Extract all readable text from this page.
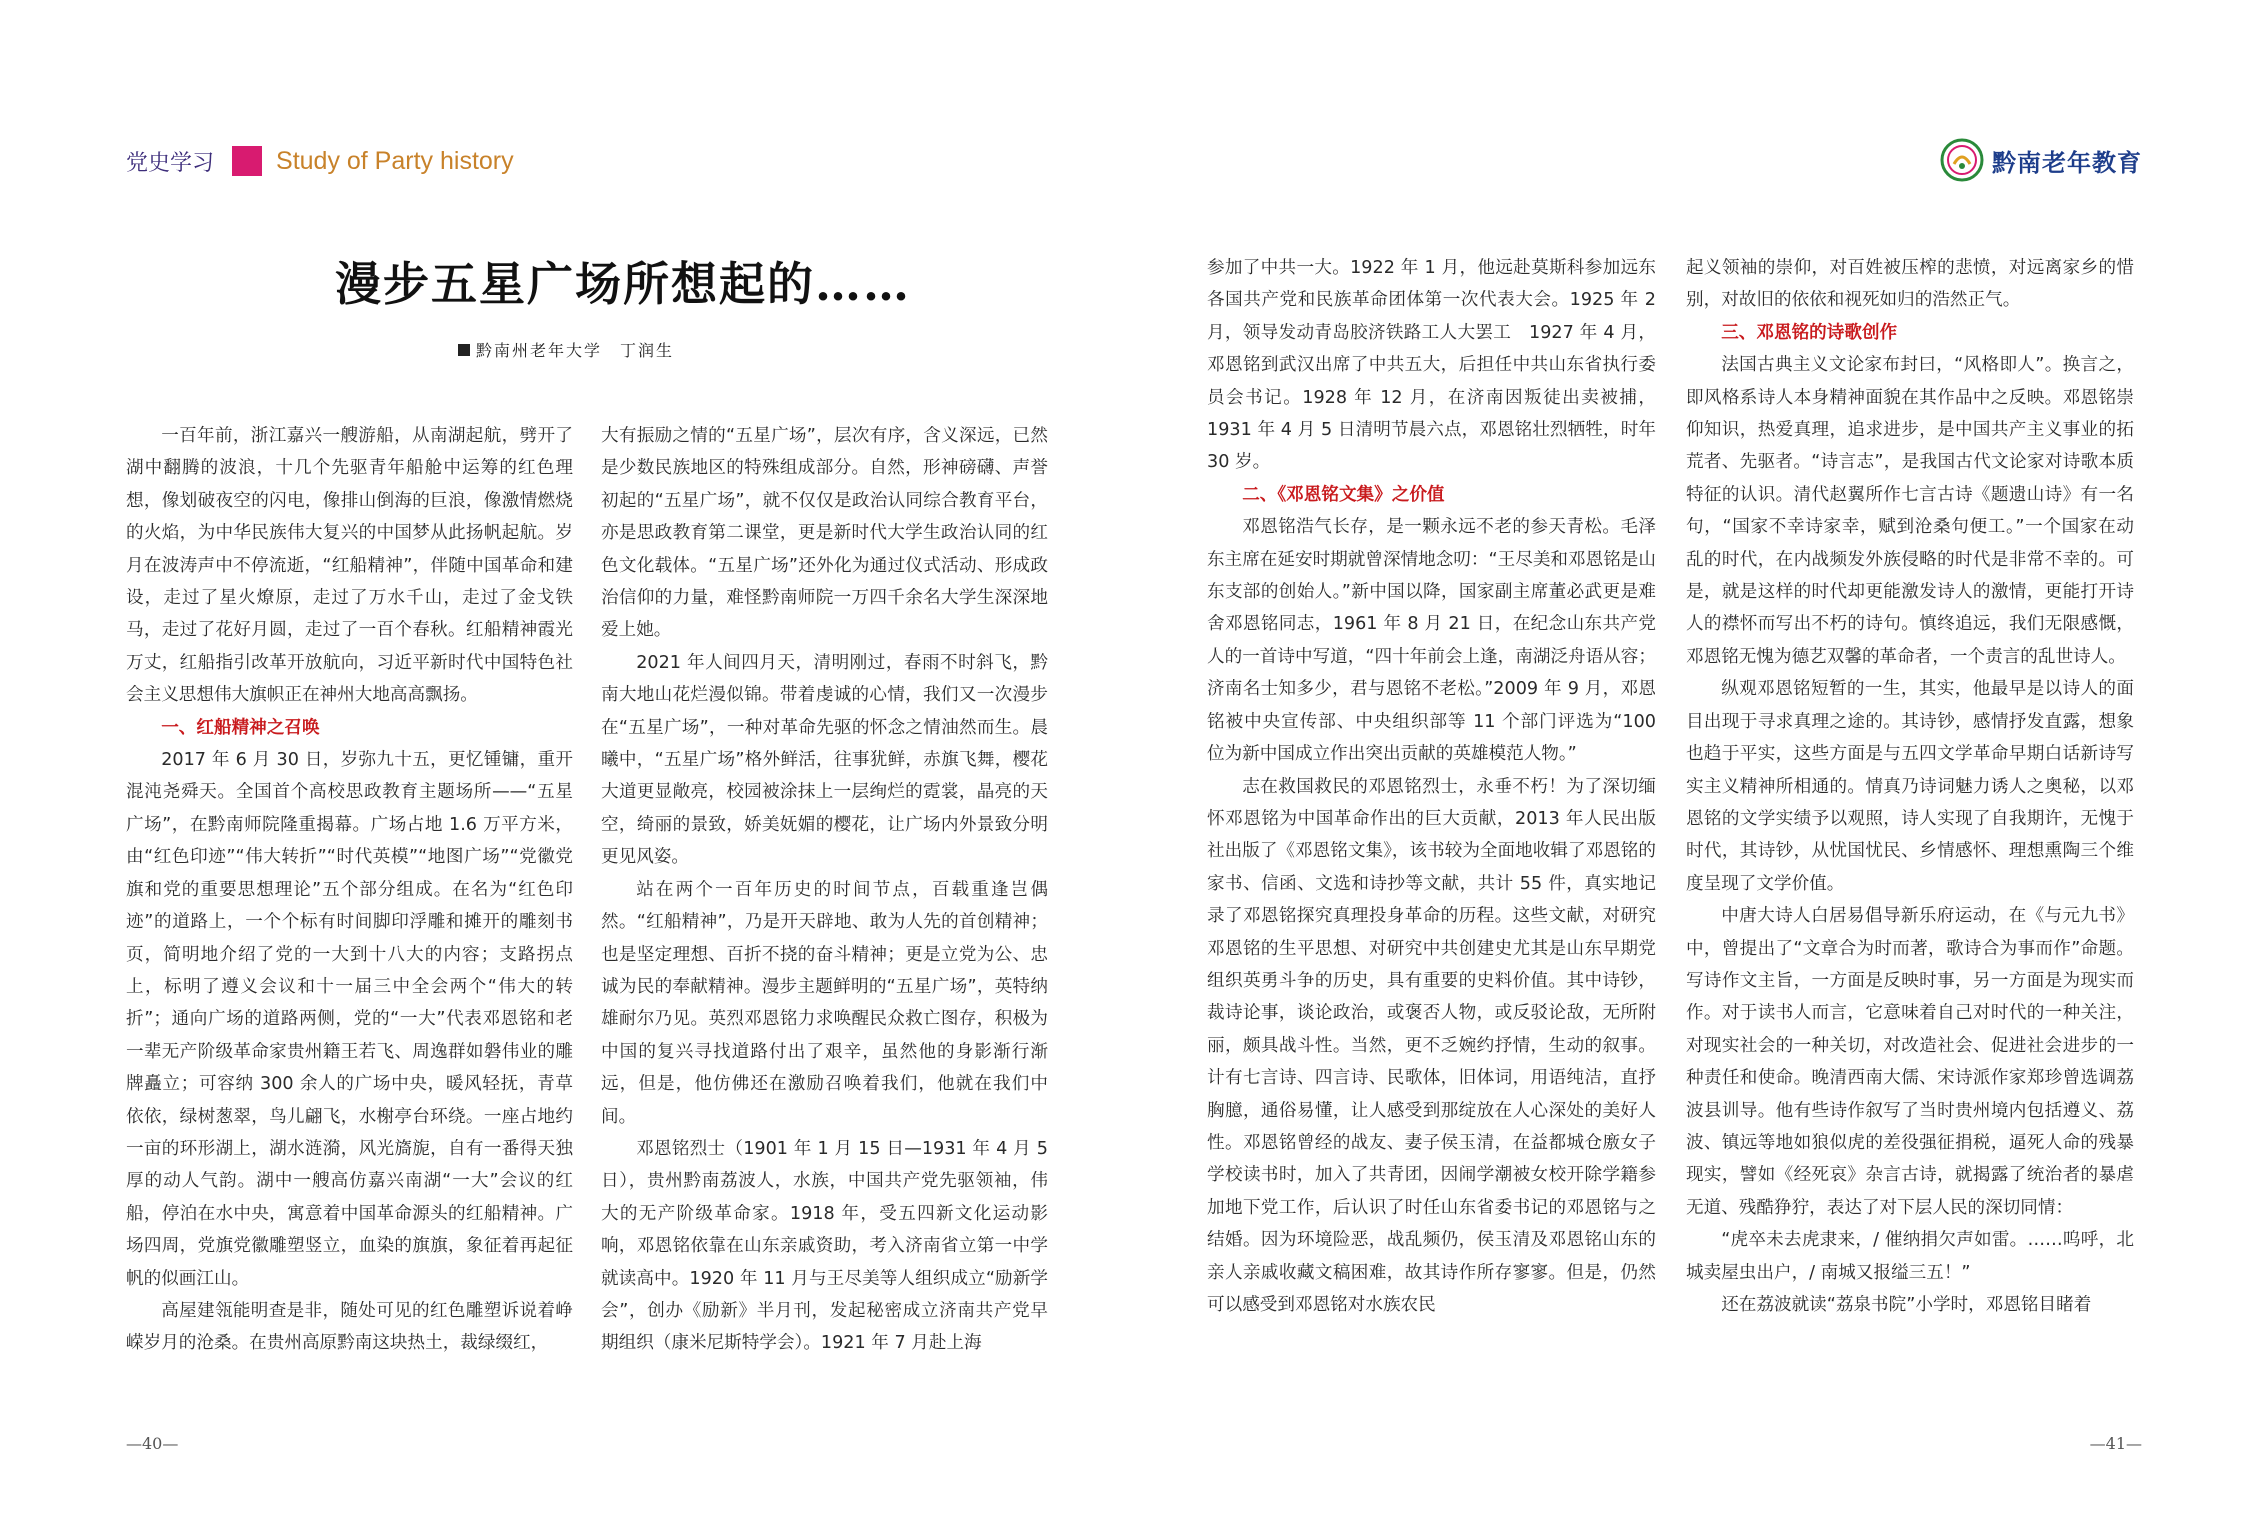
党史学习 Study of Party history	黔南老年教育
漫步五星广场所想起的……
黔南州老年大学　丁润生

一百年前，浙江嘉兴一艘游船，从南湖起航，劈开了湖中翻腾的波浪，十几个先驱青年船舱中运筹的红色理想，像划破夜空的闪电，像排山倒海的巨浪，像激情燃烧的火焰，为中华民族伟大复兴的中国梦从此扬帆起航。岁月在波涛声中不停流逝，“红船精神”，伴随中国革命和建设，走过了星火燎原，走过了万水千山，走过了金戈铁马，走过了花好月圆，走过了一百个春秋。红船精神霞光万丈，红船指引改革开放航向，习近平新时代中国特色社会主义思想伟大旗帜正在神州大地高高飘扬。

一、红船精神之召唤

2017 年 6 月 30 日，岁弥九十五，更忆锺镛，重开混沌尧舜天。全国首个高校思政教育主题场所——“五星广场”，在黔南师院隆重揭幕。广场占地 1.6 万平方米，由“红色印迹”“伟大转折”“时代英模”“地图广场”“党徽党旗和党的重要思想理论”五个部分组成。在名为“红色印迹”的道路上，一个个标有时间脚印浮雕和摊开的雕刻书页，简明地介绍了党的一大到十八大的内容；支路拐点上，标明了遵义会议和十一届三中全会两个“伟大的转折”；通向广场的道路两侧，党的“一大”代表邓恩铭和老一辈无产阶级革命家贵州籍王若飞、周逸群如磐伟业的雕牌矗立；可容纳 300 余人的广场中央，暖风轻抚，青草依依，绿树葱翠，鸟儿翩飞，水榭亭台环绕。一座占地约一亩的环形湖上，湖水涟漪，风光旖旎，自有一番得天独厚的动人气韵。湖中一艘高仿嘉兴南湖“一大”会议的红船，停泊在水中央，寓意着中国革命源头的红船精神。广场四周，党旗党徽雕塑竖立，血染的旗旗，象征着再起征帆的似画江山。

高屋建瓴能明查是非，随处可见的红色雕塑诉说着峥嵘岁月的沧桑。在贵州高原黔南这块热土，裁绿缀红，

大有振励之情的“五星广场”，层次有序，含义深远，已然是少数民族地区的特殊组成部分。自然，形神磅礴、声誉初起的“五星广场”，就不仅仅是政治认同综合教育平台，亦是思政教育第二课堂，更是新时代大学生政治认同的红色文化载体。“五星广场”还外化为通过仪式活动、形成政治信仰的力量，难怪黔南师院一万四千余名大学生深深地爱上她。

2021 年人间四月天，清明刚过，春雨不时斜飞，黔南大地山花烂漫似锦。带着虔诚的心情，我们又一次漫步在“五星广场”，一种对革命先驱的怀念之情油然而生。晨曦中，“五星广场”格外鲜活，往事犹鲜，赤旗飞舞，樱花大道更显敞亮，校园被涂抹上一层绚烂的霓裳，晶亮的天空，绮丽的景致，娇美妩媚的樱花，让广场内外景致分明更见风姿。

站在两个一百年历史的时间节点，百载重逢岂偶然。“红船精神”，乃是开天辟地、敢为人先的首创精神；也是坚定理想、百折不挠的奋斗精神；更是立党为公、忠诚为民的奉献精神。漫步主题鲜明的“五星广场”，英特纳雄耐尔乃见。英烈邓恩铭力求唤醒民众救亡图存，积极为中国的复兴寻找道路付出了艰辛，虽然他的身影渐行渐远，但是，他仿佛还在激励召唤着我们，他就在我们中间。

邓恩铭烈士（1901 年 1 月 15 日—1931 年 4 月 5 日），贵州黔南荔波人，水族，中国共产党先驱领袖，伟大的无产阶级革命家。1918 年，受五四新文化运动影响，邓恩铭依靠在山东亲戚资助，考入济南省立第一中学就读高中。1920 年 11 月与王尽美等人组织成立“励新学会”，创办《励新》半月刊，发起秘密成立济南共产党早期组织（康米尼斯特学会）。1921 年 7 月赴上海

参加了中共一大。1922 年 1 月，他远赴莫斯科参加远东各国共产党和民族革命团体第一次代表大会。1925 年 2 月，领导发动青岛胶济铁路工人大罢工　1927 年 4 月，邓恩铭到武汉出席了中共五大，后担任中共山东省执行委员会书记。1928 年 12 月，在济南因叛徒出卖被捕，1931 年 4 月 5 日清明节晨六点，邓恩铭壮烈牺牲，时年 30 岁。

二、《邓恩铭文集》之价值

邓恩铭浩气长存，是一颗永远不老的参天青松。毛泽东主席在延安时期就曾深情地念叨：“王尽美和邓恩铭是山东支部的创始人。”新中国以降，国家副主席董必武更是难舍邓恩铭同志，1961 年 8 月 21 日，在纪念山东共产党人的一首诗中写道，“四十年前会上逢，南湖泛舟语从容；济南名士知多少，君与恩铭不老松。”2009 年 9 月，邓恩铭被中央宣传部、中央组织部等 11 个部门评选为“100 位为新中国成立作出突出贡献的英雄模范人物。”

志在救国救民的邓恩铭烈士，永垂不朽！为了深切缅怀邓恩铭为中国革命作出的巨大贡献，2013 年人民出版社出版了《邓恩铭文集》，该书较为全面地收辑了邓恩铭的家书、信函、文选和诗抄等文献，共计 55 件，真实地记录了邓恩铭探究真理投身革命的历程。这些文献，对研究邓恩铭的生平思想、对研究中共创建史尤其是山东早期党组织英勇斗争的历史，具有重要的史料价值。其中诗钞，裁诗论事，谈论政治，或褒否人物，或反驳论敌，无所附丽，颇具战斗性。当然，更不乏婉约抒情，生动的叙事。计有七言诗、四言诗、民歌体，旧体词，用语纯洁，直抒胸臆，通俗易懂，让人感受到那绽放在人心深处的美好人性。邓恩铭曾经的战友、妻子侯玉清，在益都城仓廒女子学校读书时，加入了共青团，因闹学潮被女校开除学籍参加地下党工作，后认识了时任山东省委书记的邓恩铭与之结婚。因为环境险恶，战乱频仍，侯玉清及邓恩铭山东的亲人亲戚收藏文稿困难，故其诗作所存寥寥。但是，仍然可以感受到邓恩铭对水族农民

起义领袖的崇仰，对百姓被压榨的悲愤，对远离家乡的惜别，对故旧的依依和视死如归的浩然正气。

三、邓恩铭的诗歌创作

法国古典主义文论家布封曰，“风格即人”。换言之，即风格系诗人本身精神面貌在其作品中之反映。邓恩铭崇仰知识，热爱真理，追求进步，是中国共产主义事业的拓荒者、先驱者。“诗言志”，是我国古代文论家对诗歌本质特征的认识。清代赵翼所作七言古诗《题遗山诗》有一名句，“国家不幸诗家幸，赋到沧桑句便工。”一个国家在动乱的时代，在内战频发外族侵略的时代是非常不幸的。可是，就是这样的时代却更能激发诗人的激情，更能打开诗人的襟怀而写出不朽的诗句。慎终追远，我们无限感慨，邓恩铭无愧为德艺双馨的革命者，一个责言的乱世诗人。

纵观邓恩铭短暂的一生，其实，他最早是以诗人的面目出现于寻求真理之途的。其诗钞，感情抒发直露，想象也趋于平实，这些方面是与五四文学革命早期白话新诗写实主义精神所相通的。情真乃诗词魅力诱人之奥秘，以邓恩铭的文学实绩予以观照，诗人实现了自我期许，无愧于时代，其诗钞，从忧国忧民、乡情感怀、理想熏陶三个维度呈现了文学价值。

中唐大诗人白居易倡导新乐府运动，在《与元九书》中，曾提出了“文章合为时而著，歌诗合为事而作”命题。写诗作文主旨，一方面是反映时事，另一方面是为现实而作。对于读书人而言，它意味着自己对时代的一种关注，对现实社会的一种关切，对改造社会、促进社会进步的一种责任和使命。晚清西南大儒、宋诗派作家郑珍曾选调荔波县训导。他有些诗作叙写了当时贵州境内包括遵义、荔波、镇远等地如狼似虎的差役强征捐税，逼死人命的残暴现实，譬如《经死哀》杂言古诗，就揭露了统治者的暴虐无道、残酷狰狞，表达了对下层人民的深切同情：

“虎卒未去虎隶来，/ 催纳捐欠声如雷。……呜呼，北城卖屋虫出户，/ 南城又报缢三五！”

还在荔波就读“荔泉书院”小学时，邓恩铭目睹着

—40—	—41—
